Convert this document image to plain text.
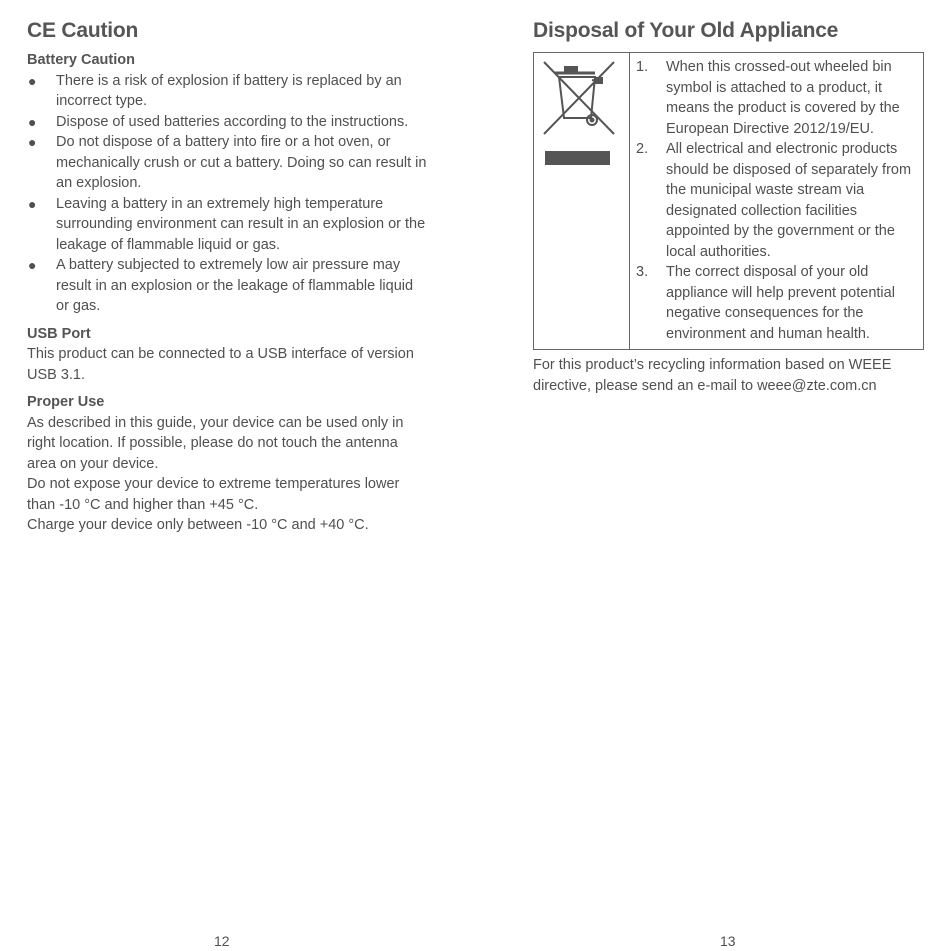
CE Caution
Battery Caution
● There is a risk of explosion if battery is replaced by an incorrect type.
● Dispose of used batteries according to the instructions.
● Do not dispose of a battery into fire or a hot oven, or mechanically crush or cut a battery. Doing so can result in an explosion.
● Leaving a battery in an extremely high temperature surrounding environment can result in an explosion or the leakage of flammable liquid or gas.
● A battery subjected to extremely low air pressure may result in an explosion or the leakage of flammable liquid or gas.
USB Port

This product can be connected to a USB interface of version USB 3.1.

Proper Use

As described in this guide, your device can be used only in right location. If possible, please do not touch the antenna area on your device.

Do not expose your device to extreme temperatures lower than -10 °C and higher than +45 °C.

Charge your device only between -10 °C and +40 °C.

12
Disposal of Your Old Appliance
1. When this crossed-out wheeled bin symbol is attached to a product, it means the product is covered by the European Directive 2012/19/EU.
2. All electrical and electronic products should be disposed of separately from the municipal waste stream via designated collection facilities appointed by the government or the local authorities.
3. The correct disposal of your old appliance will help prevent potential negative consequences for the environment and human health.

For this product’s recycling information based on WEEE directive, please send an e-mail to weee@zte.com.cn

13
